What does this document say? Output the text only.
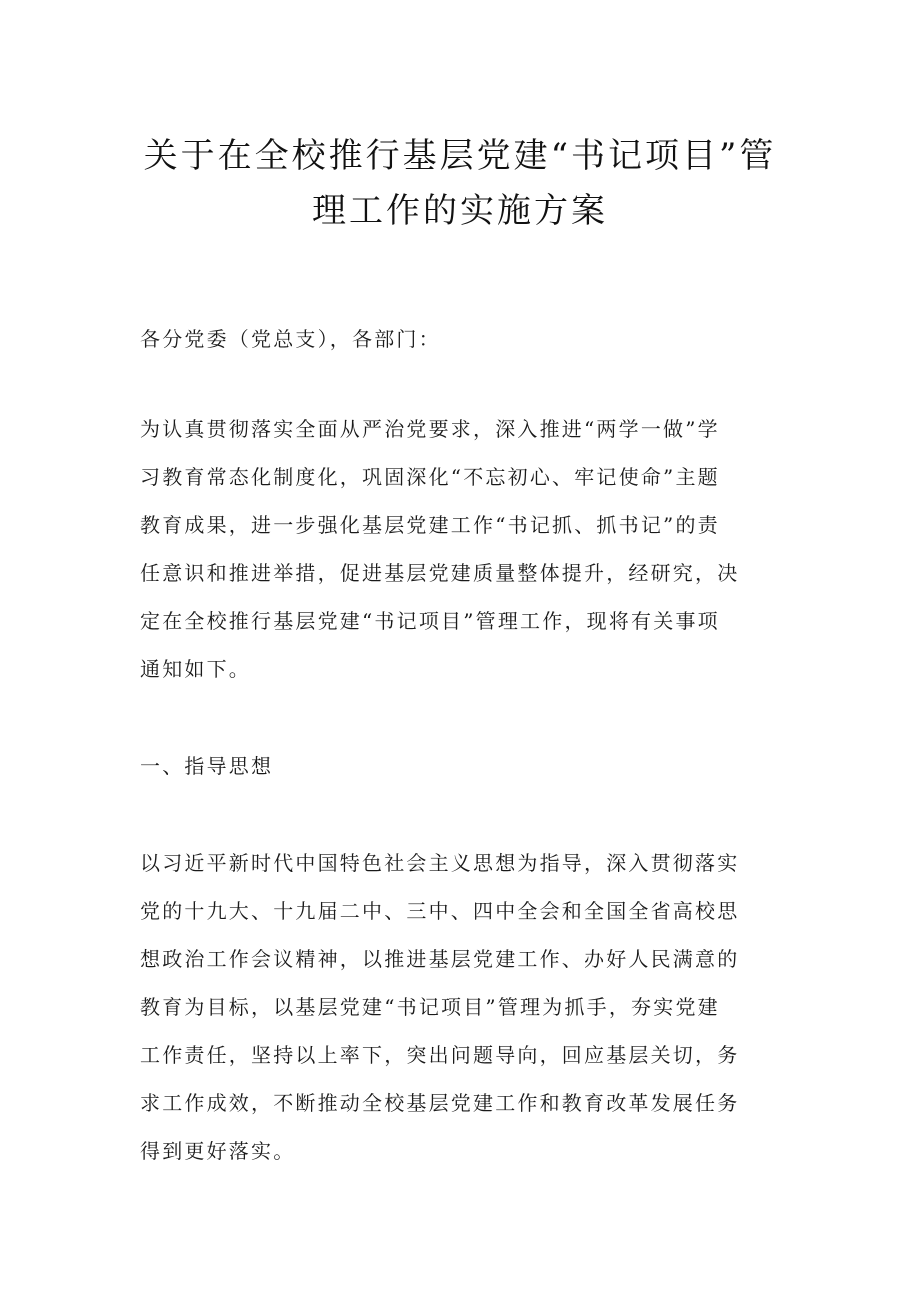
关于在全校推行基层党建“书记项目”管
理工作的实施方案
各分党委（党总支），各部门：
为认真贯彻落实全面从严治党要求，深入推进“两学一做”学
习教育常态化制度化，巩固深化“不忘初心、牢记使命”主题
教育成果，进一步强化基层党建工作“书记抓、抓书记”的责
任意识和推进举措，促进基层党建质量整体提升，经研究，决
定在全校推行基层党建“书记项目”管理工作，现将有关事项
通知如下。
一、指导思想
以习近平新时代中国特色社会主义思想为指导，深入贯彻落实
党的十九大、十九届二中、三中、四中全会和全国全省高校思
想政治工作会议精神，以推进基层党建工作、办好人民满意的
教育为目标，以基层党建“书记项目”管理为抓手，夯实党建
工作责任，坚持以上率下，突出问题导向，回应基层关切，务
求工作成效，不断推动全校基层党建工作和教育改革发展任务
得到更好落实。
